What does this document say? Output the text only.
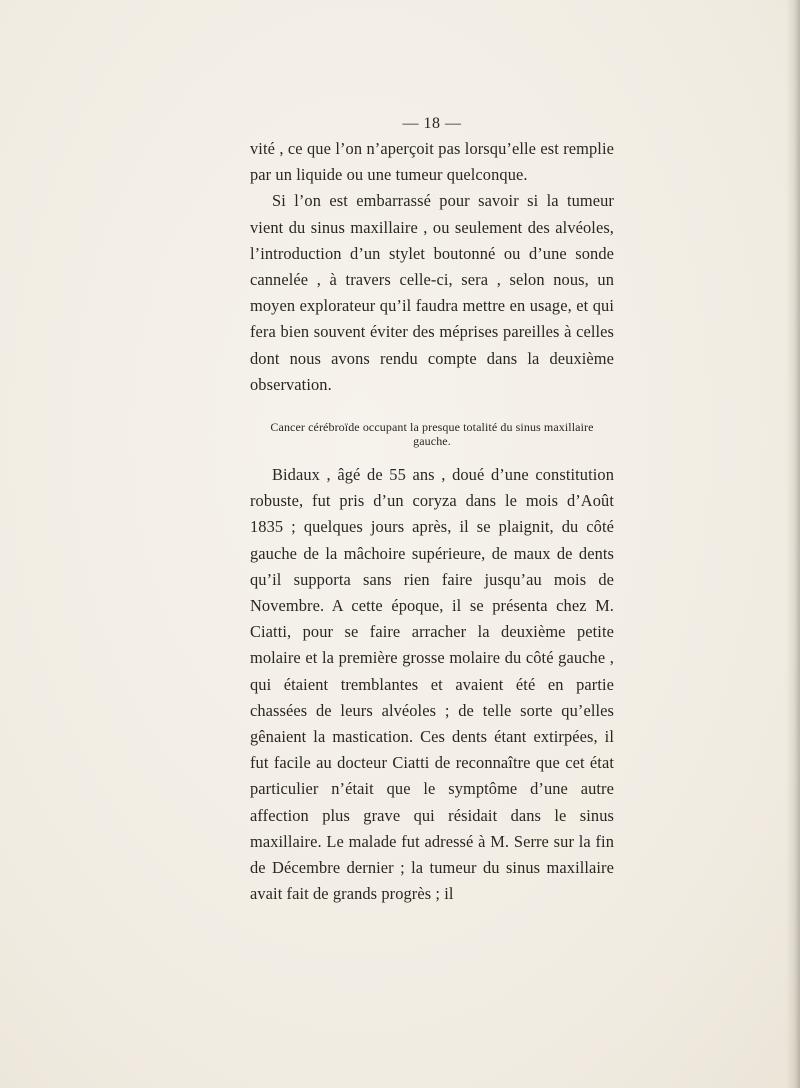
— 18 —

vité , ce que l’on n’aperçoit pas lorsqu’elle est remplie par un liquide ou une tumeur quelconque.

Si l’on est embarrassé pour savoir si la tumeur vient du sinus maxillaire , ou seulement des alvéoles, l’introduction d’un stylet boutonné ou d’une sonde cannelée , à travers celle-ci, sera , selon nous, un moyen explorateur qu’il faudra mettre en usage, et qui fera bien souvent éviter des méprises pareilles à celles dont nous avons rendu compte dans la deuxième observation.

Cancer cérébroïde occupant la presque totalité du sinus maxillaire gauche.

Bidaux , âgé de 55 ans , doué d’une constitution robuste, fut pris d’un coryza dans le mois d’Août 1835 ; quelques jours après, il se plaignit, du côté gauche de la mâchoire supérieure, de maux de dents qu’il supporta sans rien faire jusqu’au mois de Novembre. A cette époque, il se présenta chez M. Ciatti, pour se faire arracher la deuxième petite molaire et la première grosse molaire du côté gauche , qui étaient tremblantes et avaient été en partie chassées de leurs alvéoles ; de telle sorte qu’elles gênaient la mastication. Ces dents étant extirpées, il fut facile au docteur Ciatti de reconnaître que cet état particulier n’était que le symptôme d’une autre affection plus grave qui résidait dans le sinus maxillaire. Le malade fut adressé à M. Serre sur la fin de Décembre dernier ; la tumeur du sinus maxillaire avait fait de grands progrès ; il
